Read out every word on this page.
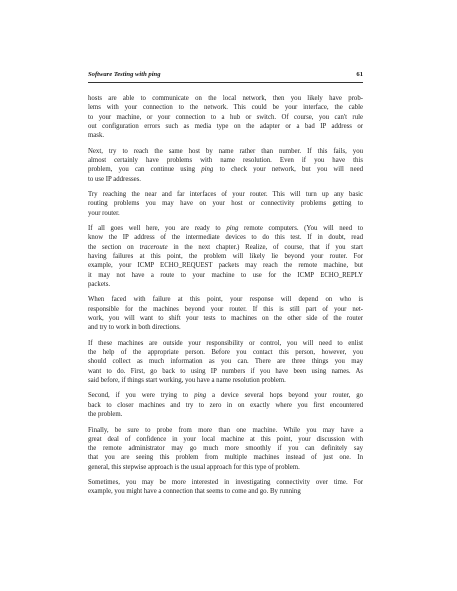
Software Testing with ping	61
hosts are able to communicate on the local network, then you likely have prob-
lems with your connection to the network. This could be your interface, the cable
to your machine, or your connection to a hub or switch. Of course, you can't rule
out configuration errors such as media type on the adapter or a bad IP address or
mask.
Next, try to reach the same host by name rather than number. If this fails, you
almost certainly have problems with name resolution. Even if you have this
problem, you can continue using ping to check your network, but you will need
to use IP addresses.
Try reaching the near and far interfaces of your router. This will turn up any basic
routing problems you may have on your host or connectivity problems getting to
your router.
If all goes well here, you are ready to ping remote computers. (You will need to
know the IP address of the intermediate devices to do this test. If in doubt, read
the section on traceroute in the next chapter.) Realize, of course, that if you start
having failures at this point, the problem will likely lie beyond your router. For
example, your ICMP ECHO_REQUEST packets may reach the remote machine, but
it may not have a route to your machine to use for the ICMP ECHO_REPLY
packets.
When faced with failure at this point, your response will depend on who is
responsible for the machines beyond your router. If this is still part of your net-
work, you will want to shift your tests to machines on the other side of the router
and try to work in both directions.
If these machines are outside your responsibility or control, you will need to enlist
the help of the appropriate person. Before you contact this person, however, you
should collect as much information as you can. There are three things you may
want to do. First, go back to using IP numbers if you have been using names. As
said before, if things start working, you have a name resolution problem.
Second, if you were trying to ping a device several hops beyond your router, go
back to closer machines and try to zero in on exactly where you first encountered
the problem.
Finally, be sure to probe from more than one machine. While you may have a
great deal of confidence in your local machine at this point, your discussion with
the remote administrator may go much more smoothly if you can definitely say
that you are seeing this problem from multiple machines instead of just one. In
general, this stepwise approach is the usual approach for this type of problem.
Sometimes, you may be more interested in investigating connectivity over time. For
example, you might have a connection that seems to come and go. By running
